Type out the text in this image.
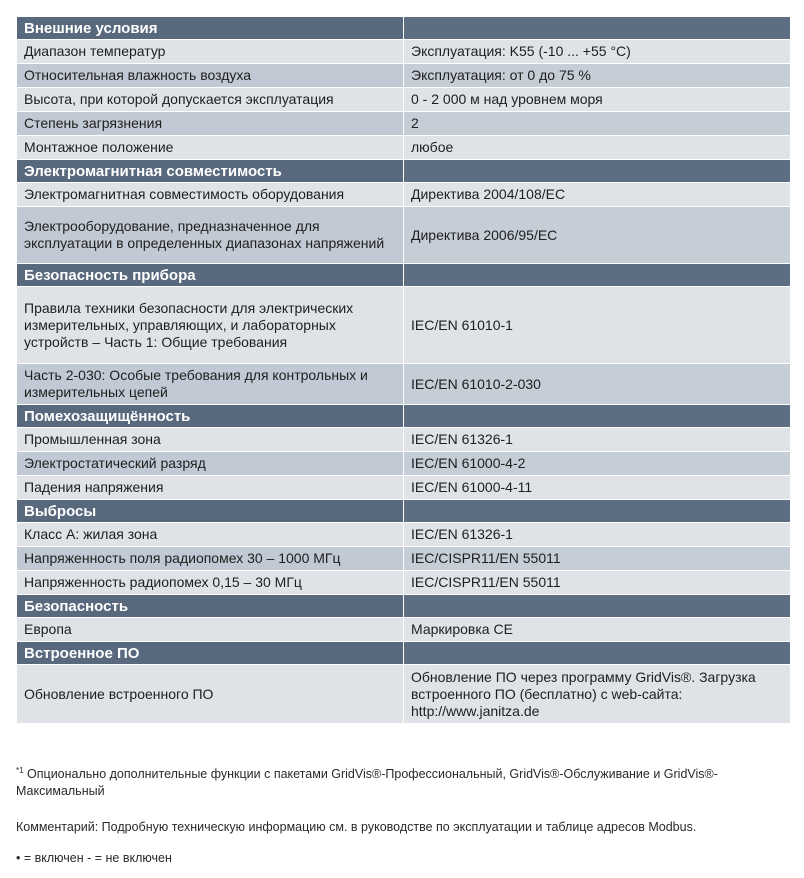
Внешние условия	
Диапазон температур	Эксплуатация: K55 (-10 ... +55 °C)
Относительная влажность воздуха	Эксплуатация: от 0 до 75 %
Высота, при которой допускается эксплуатация	0 - 2 000 м над уровнем моря
Степень загрязнения	2
Монтажное положение	любое
Электромагнитная совместимость	
Электромагнитная совместимость оборудования	Директива 2004/108/EC
Электрооборудование, предназначенное для эксплуатации в определенных диапазонах напряжений	Директива 2006/95/EC
Безопасность прибора	
Правила техники безопасности для электрических измерительных, управляющих, и лабораторных устройств – Часть 1: Общие требования	IEC/EN 61010-1
Часть 2-030: Особые требования для контрольных и измерительных цепей	IEC/EN 61010-2-030
Помехозащищённость	
Промышленная зона	IEC/EN 61326-1
Электростатический разряд	IEC/EN 61000-4-2
Падения напряжения	IEC/EN 61000-4-11
Выбросы	
Класс A: жилая зона	IEC/EN 61326-1
Напряженность поля радиопомех 30 – 1000 МГц	IEC/CISPR11/EN 55011
Напряженность радиопомех 0,15 – 30 МГц	IEC/CISPR11/EN 55011
Безопасность	
Европа	Маркировка CE
Встроенное ПО	
Обновление встроенного ПО	Обновление ПО через программу GridVis®. Загрузка встроенного ПО (бесплатно) с web-сайта: http://www.janitza.de
$^{*1}$ Опционально дополнительные функции с пакетами GridVis®-Профессиональный, GridVis®-Обслуживание и GridVis®-Максимальный
Комментарий: Подробную техническую информацию см. в руководстве по эксплуатации и таблице адресов Modbus.
• = включен - = не включен
